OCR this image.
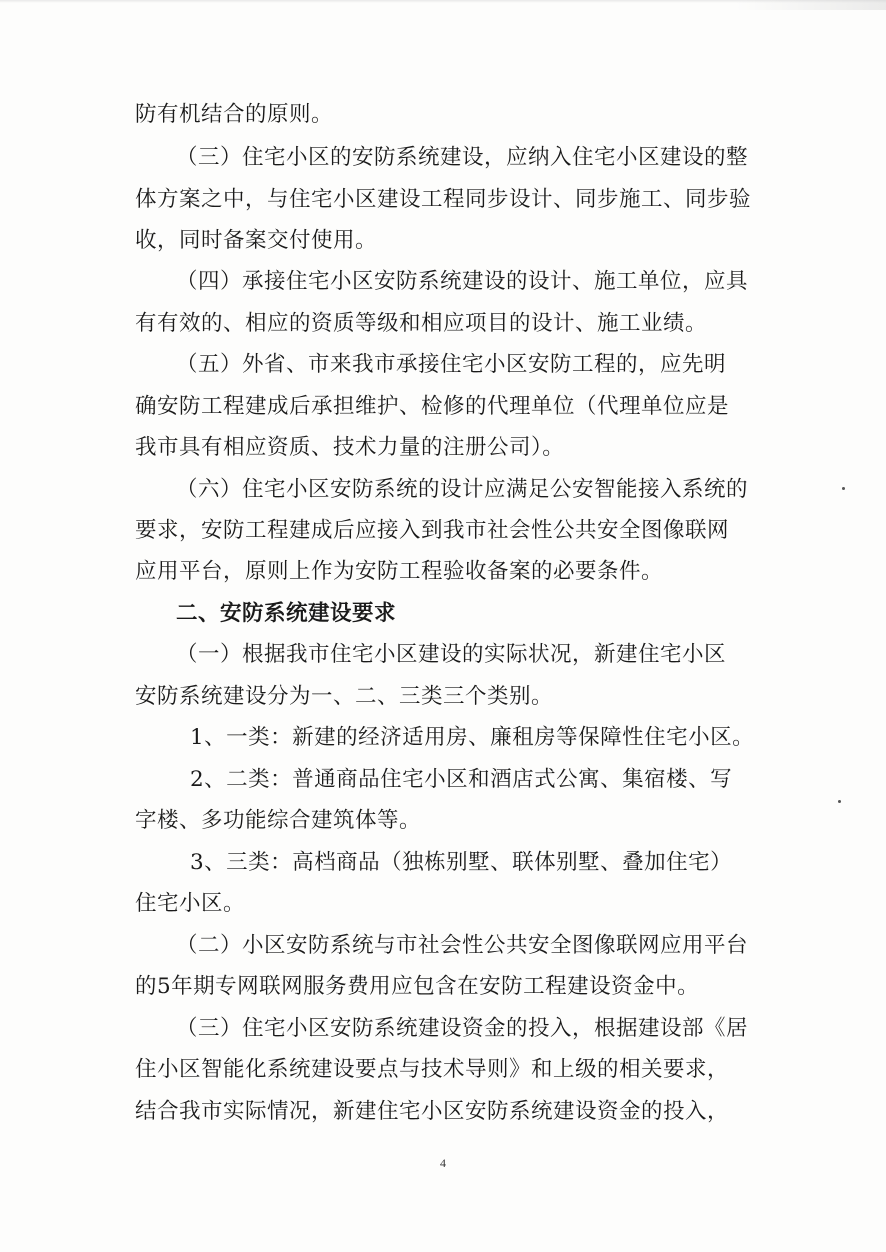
防有机结合的原则。
（三）住宅小区的安防系统建设，应纳入住宅小区建设的整
体方案之中，与住宅小区建设工程同步设计、同步施工、同步验
收，同时备案交付使用。
（四）承接住宅小区安防系统建设的设计、施工单位，应具
有有效的、相应的资质等级和相应项目的设计、施工业绩。
（五）外省、市来我市承接住宅小区安防工程的，应先明
确安防工程建成后承担维护、检修的代理单位（代理单位应是
我市具有相应资质、技术力量的注册公司）。
（六）住宅小区安防系统的设计应满足公安智能接入系统的
要求，安防工程建成后应接入到我市社会性公共安全图像联网
应用平台，原则上作为安防工程验收备案的必要条件。
二、安防系统建设要求
（一）根据我市住宅小区建设的实际状况，新建住宅小区
安防系统建设分为一、二、三类三个类别。
1、一类：新建的经济适用房、廉租房等保障性住宅小区。
2、二类：普通商品住宅小区和酒店式公寓、集宿楼、写
字楼、多功能综合建筑体等。
3、三类：高档商品（独栋别墅、联体别墅、叠加住宅）
住宅小区。
（二）小区安防系统与市社会性公共安全图像联网应用平台
的5年期专网联网服务费用应包含在安防工程建设资金中。
（三）住宅小区安防系统建设资金的投入，根据建设部《居
住小区智能化系统建设要点与技术导则》和上级的相关要求，
结合我市实际情况，新建住宅小区安防系统建设资金的投入，
4
